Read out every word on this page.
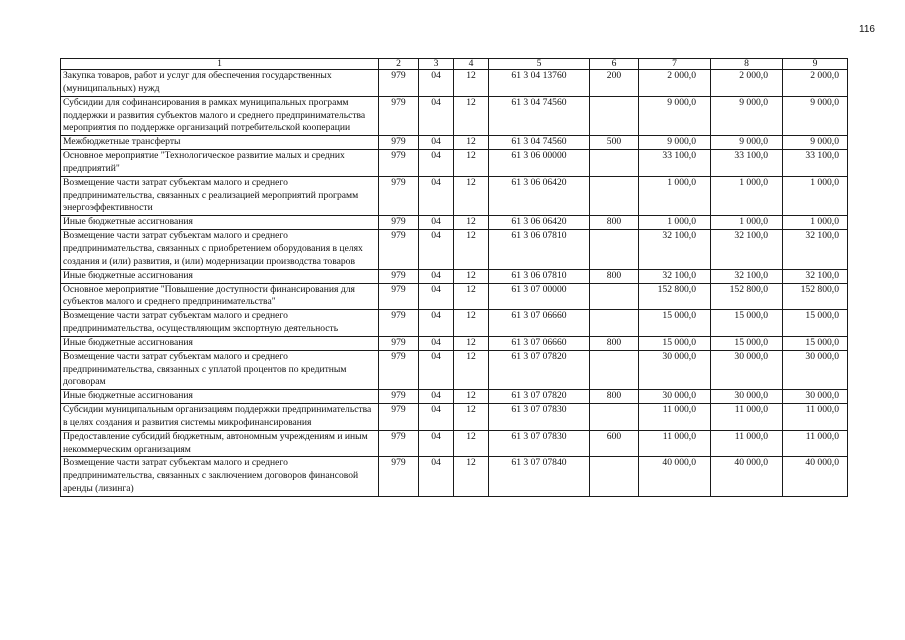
116
1	2	3	4	5	6	7	8	9
Закупка товаров, работ и услуг для обеспечения государственных (муниципальных) нужд	979	04	12	61 3 04 13760	200	2 000,0	2 000,0	2 000,0
Субсидии для софинансирования в рамках муниципальных программ поддержки и развития субъектов малого и среднего предпринимательства мероприятия по поддержке организаций потребительской кооперации	979	04	12	61 3 04 74560		9 000,0	9 000,0	9 000,0
Межбюджетные трансферты	979	04	12	61 3 04 74560	500	9 000,0	9 000,0	9 000,0
Основное мероприятие "Технологическое развитие малых и средних предприятий"	979	04	12	61 3 06 00000		33 100,0	33 100,0	33 100,0
Возмещение части затрат субъектам малого и среднего предпринимательства, связанных с реализацией мероприятий программ энергоэффективности	979	04	12	61 3 06 06420		1 000,0	1 000,0	1 000,0
Иные бюджетные ассигнования	979	04	12	61 3 06 06420	800	1 000,0	1 000,0	1 000,0
Возмещение части затрат субъектам малого и среднего предпринимательства, связанных с приобретением оборудования в целях создания и (или) развития, и (или) модернизации производства товаров	979	04	12	61 3 06 07810		32 100,0	32 100,0	32 100,0
Иные бюджетные ассигнования	979	04	12	61 3 06 07810	800	32 100,0	32 100,0	32 100,0
Основное мероприятие "Повышение доступности финансирования для субъектов малого и среднего предпринимательства"	979	04	12	61 3 07 00000		152 800,0	152 800,0	152 800,0
Возмещение части затрат субъектам малого и среднего предпринимательства, осуществляющим экспортную деятельность	979	04	12	61 3 07 06660		15 000,0	15 000,0	15 000,0
Иные бюджетные ассигнования	979	04	12	61 3 07 06660	800	15 000,0	15 000,0	15 000,0
Возмещение части затрат субъектам малого и среднего предпринимательства, связанных с уплатой процентов по кредитным договорам	979	04	12	61 3 07 07820		30 000,0	30 000,0	30 000,0
Иные бюджетные ассигнования	979	04	12	61 3 07 07820	800	30 000,0	30 000,0	30 000,0
Субсидии муниципальным организациям поддержки предпринимательства в целях создания и развития системы микрофинансирования	979	04	12	61 3 07 07830		11 000,0	11 000,0	11 000,0
Предоставление субсидий бюджетным, автономным учреждениям и иным некоммерческим организациям	979	04	12	61 3 07 07830	600	11 000,0	11 000,0	11 000,0
Возмещение части затрат субъектам малого и среднего предпринимательства, связанных с заключением договоров финансовой аренды (лизинга)	979	04	12	61 3 07 07840		40 000,0	40 000,0	40 000,0
